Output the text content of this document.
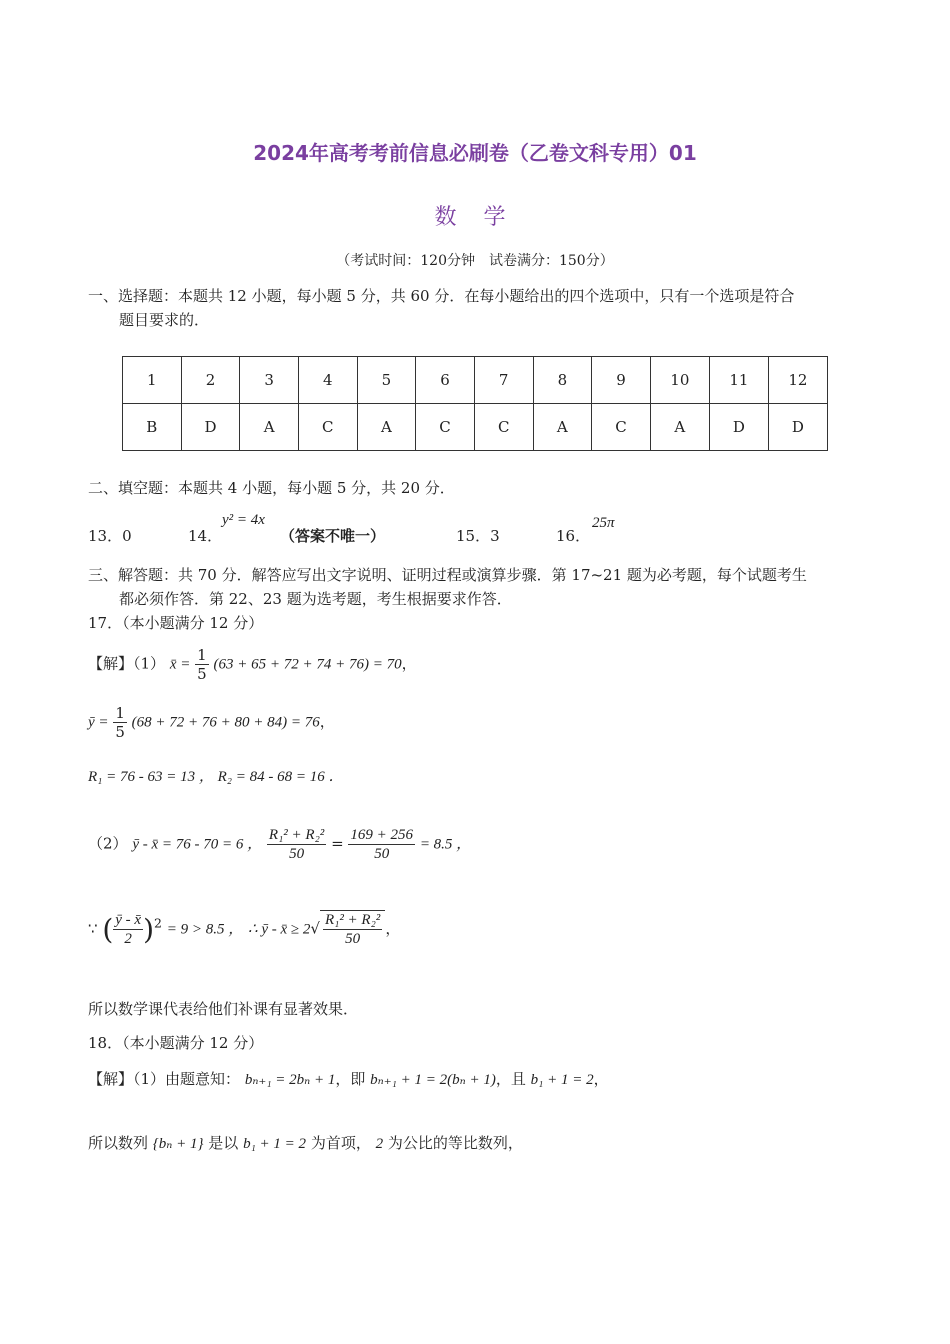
2024年高考考前信息必刷卷（乙卷文科专用）01
数 学
（考试时间：120分钟　试卷满分：150分）
一、选择题：本题共 12 小题，每小题 5 分，共 60 分．在每小题给出的四个选项中，只有一个选项是符合
题目要求的．
1	2	3	4	5	6	7	8	9	10	11	12
B	D	A	C	A	C	C	A	C	A	D	D
二、填空题：本题共 4 小题，每小题 5 分，共 20 分．
13．0	14．
y² = 4x
（答案不唯一）	15．3	16．
25π
三、解答题：共 70 分．解答应写出文字说明、证明过程或演算步骤．第 17~21 题为必考题，每个试题考生
都必须作答．第 22、23 题为选考题，考生根据要求作答．
17．（本小题满分 12 分）
【解】（1） x̄ = $\frac{1}{5} (63 + 65 + 72 + 74 + 76) = 70$，
ȳ = $\frac{1}{5} (68 + 72 + 76 + 80 + 84) = 76$，
R₁ = 76 - 63 = 13 ， R₂ = 84 - 68 = 16 ．
（2） ȳ - x̄ = 76 - 70 = 6 ， $\frac{\text{R₁² + R₂²}}{50} = \frac{169 + 256}{50} = 8.5$ ，
∵ ( $\frac{ȳ - x̄}{2} )^2 = 9 > 8.5$ ， ∴ ȳ - x̄ ≥ $2√ \frac{\text{R₁² + R₂²}}{50}$ ，
所以数学课代表给他们补课有显著效果．
18．（本小题满分 12 分）
【解】（1）由题意知： bₙ₊₁ = 2bₙ + 1，即 bₙ₊₁ + 1 = 2(bₙ + 1)，且 b₁ + 1 = 2，
所以数列 {bₙ + 1} 是以 b₁ + 1 = 2 为首项， 2 为公比的等比数列，
